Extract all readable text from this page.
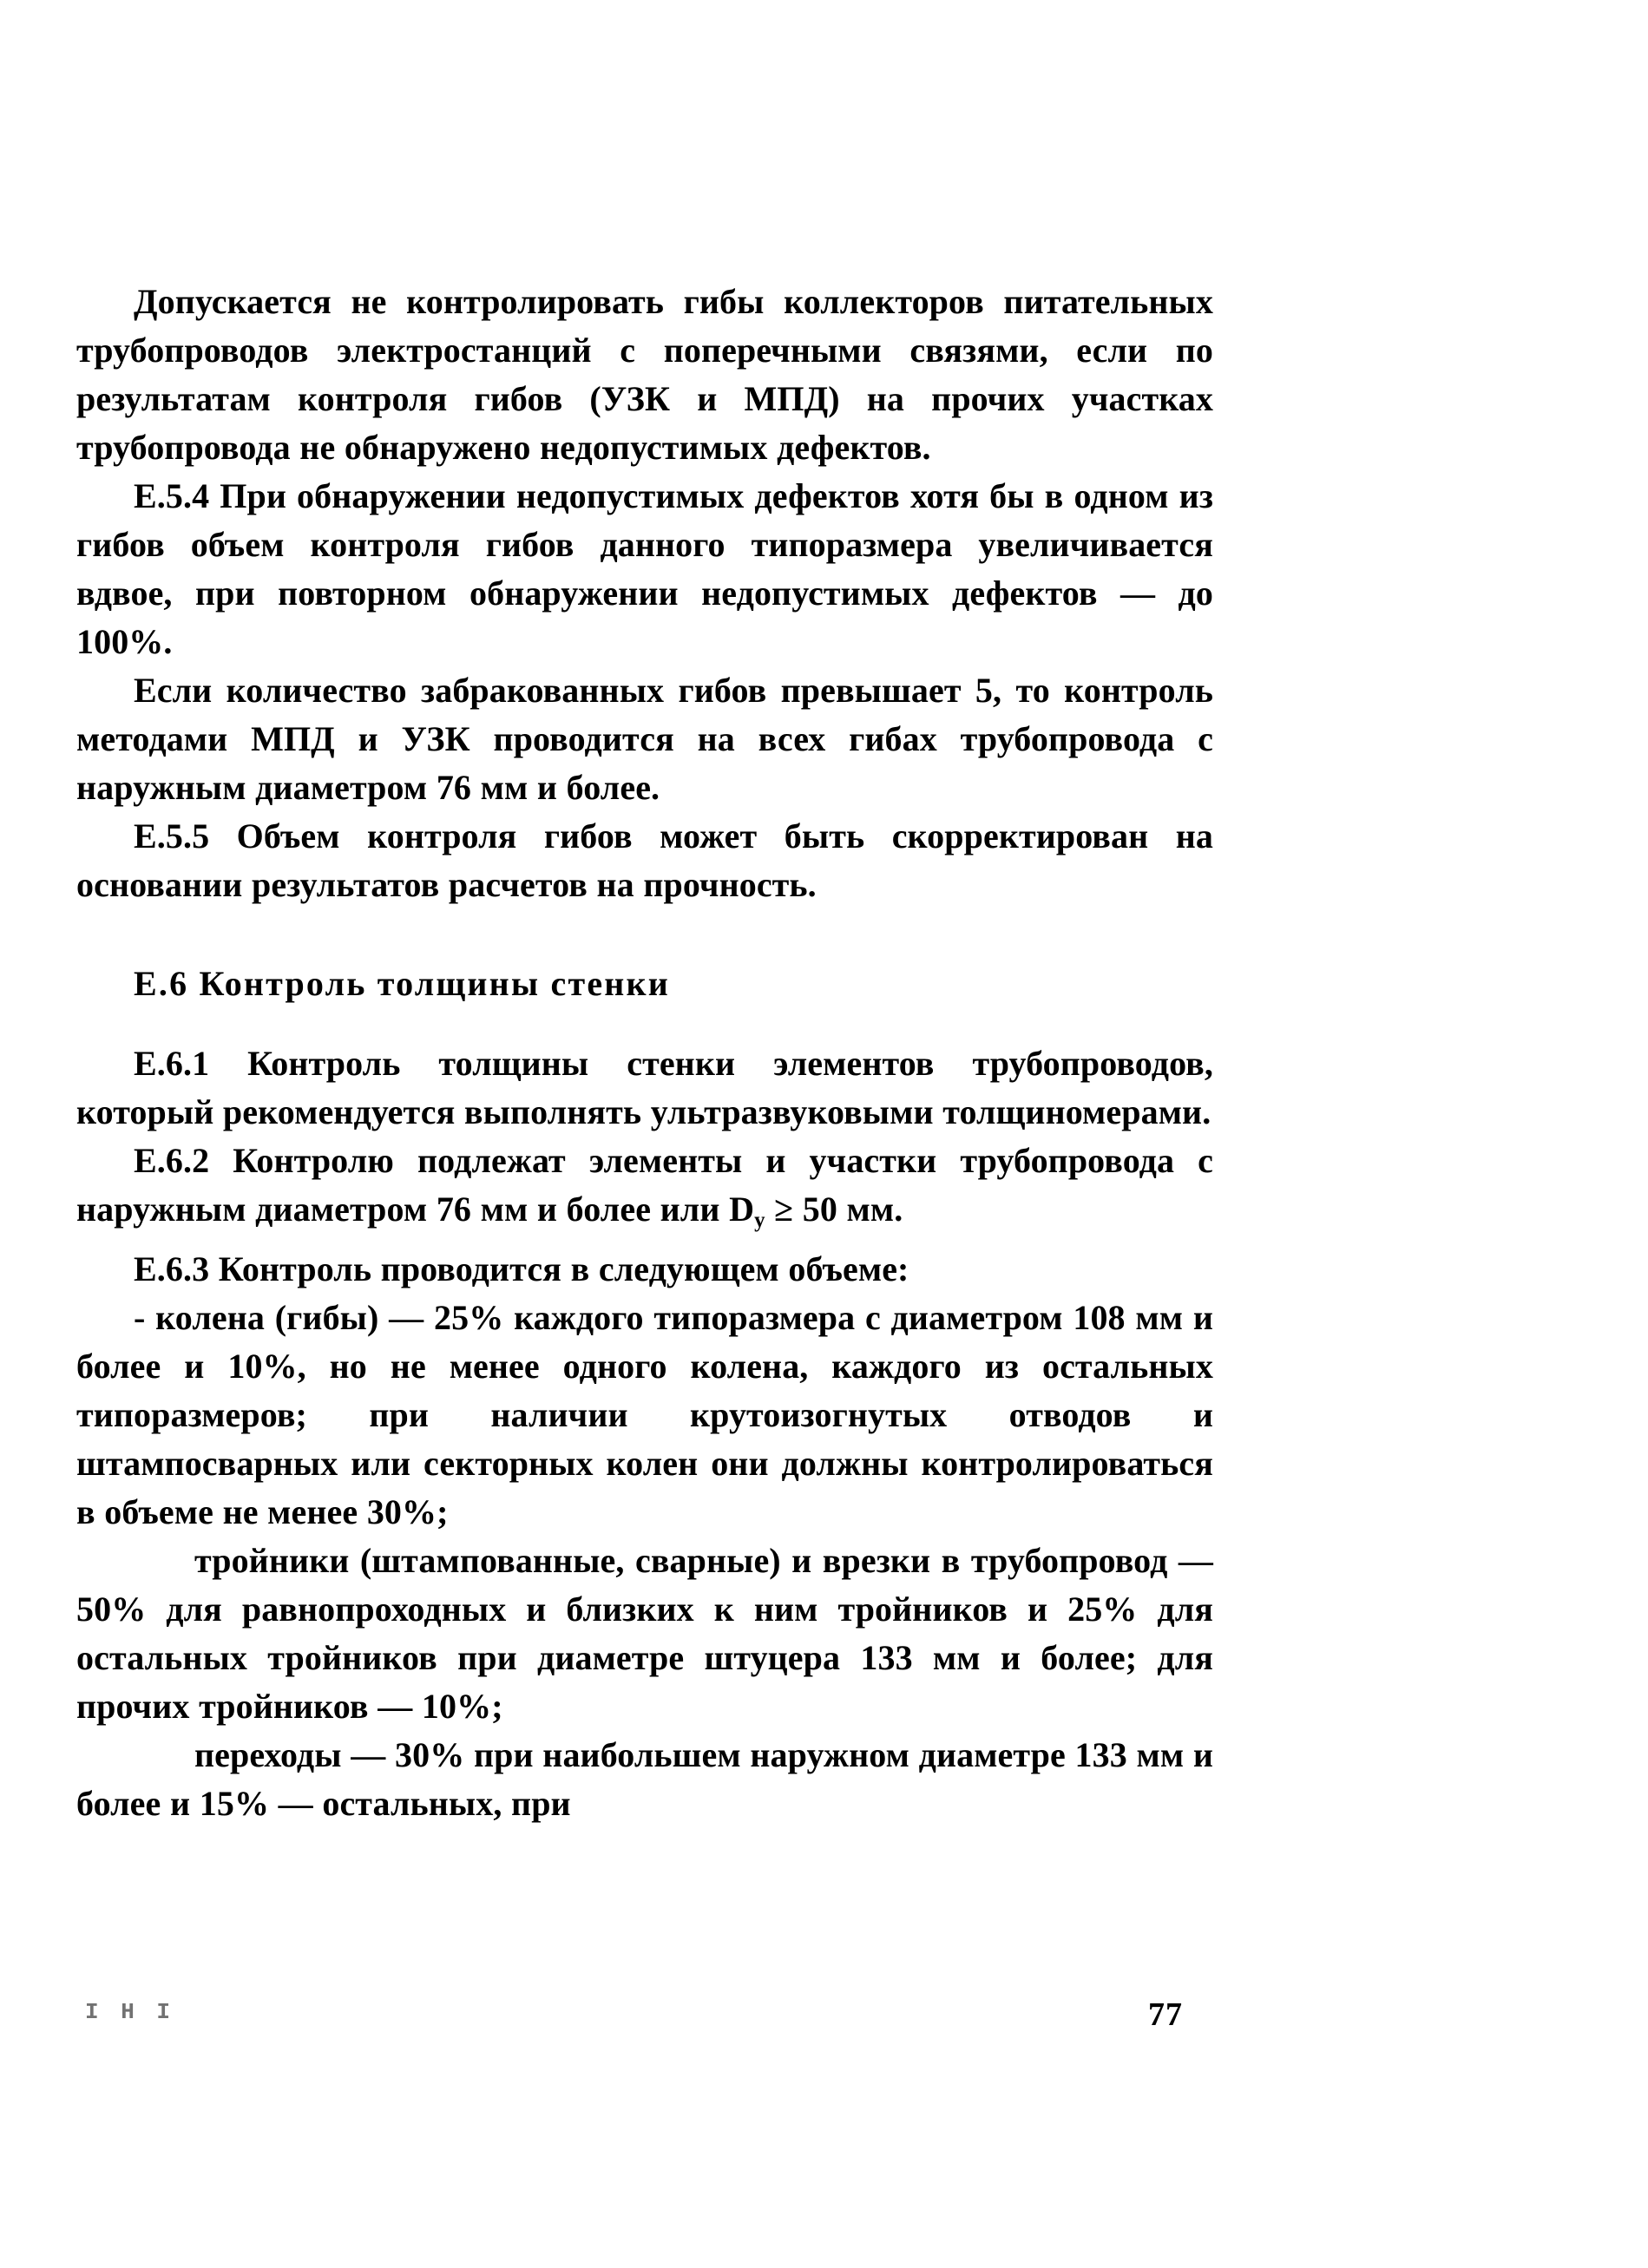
Допускается не контролировать гибы коллекторов питательных трубопроводов электростанций с поперечными связями, если по результатам контроля гибов (УЗК и МПД) на прочих участках трубопровода не обнаружено недопустимых дефектов.

Е.5.4 При обнаружении недопустимых дефектов хотя бы в одном из гибов объем контроля гибов данного типоразмера увеличивается вдвое, при повторном обнаружении недопустимых дефектов — до 100%.

Если количество забракованных гибов превышает 5, то контроль методами МПД и УЗК проводится на всех гибах трубопровода с наружным диаметром 76 мм и более.

Е.5.5 Объем контроля гибов может быть скорректирован на основании результатов расчетов на прочность.

Е.6 Контроль толщины стенки

Е.6.1 Контроль толщины стенки элементов трубопроводов, который рекомендуется выполнять ультразвуковыми толщиномерами.

Е.6.2 Контролю подлежат элементы и участки трубопровода с наружным диаметром 76 мм и более или $D_у \ge 50$ мм.

Е.6.3 Контроль проводится в следующем объеме:

- колена (гибы) — 25% каждого типоразмера с диаметром 108 мм и более и 10%, но не менее одного колена, каждого из остальных типоразмеров; при наличии крутоизогнутых отводов и штампосварных или секторных колен они должны контролироваться в объеме не менее 30%;

тройники (штампованные, сварные) и врезки в трубопровод — 50% для равнопроходных и близких к ним тройников и 25% для остальных тройников при диаметре штуцера 133 мм и более; для прочих тройников — 10%;

переходы — 30% при наибольшем наружном диаметре 133 мм и более и 15% — остальных, при

I H I	77
